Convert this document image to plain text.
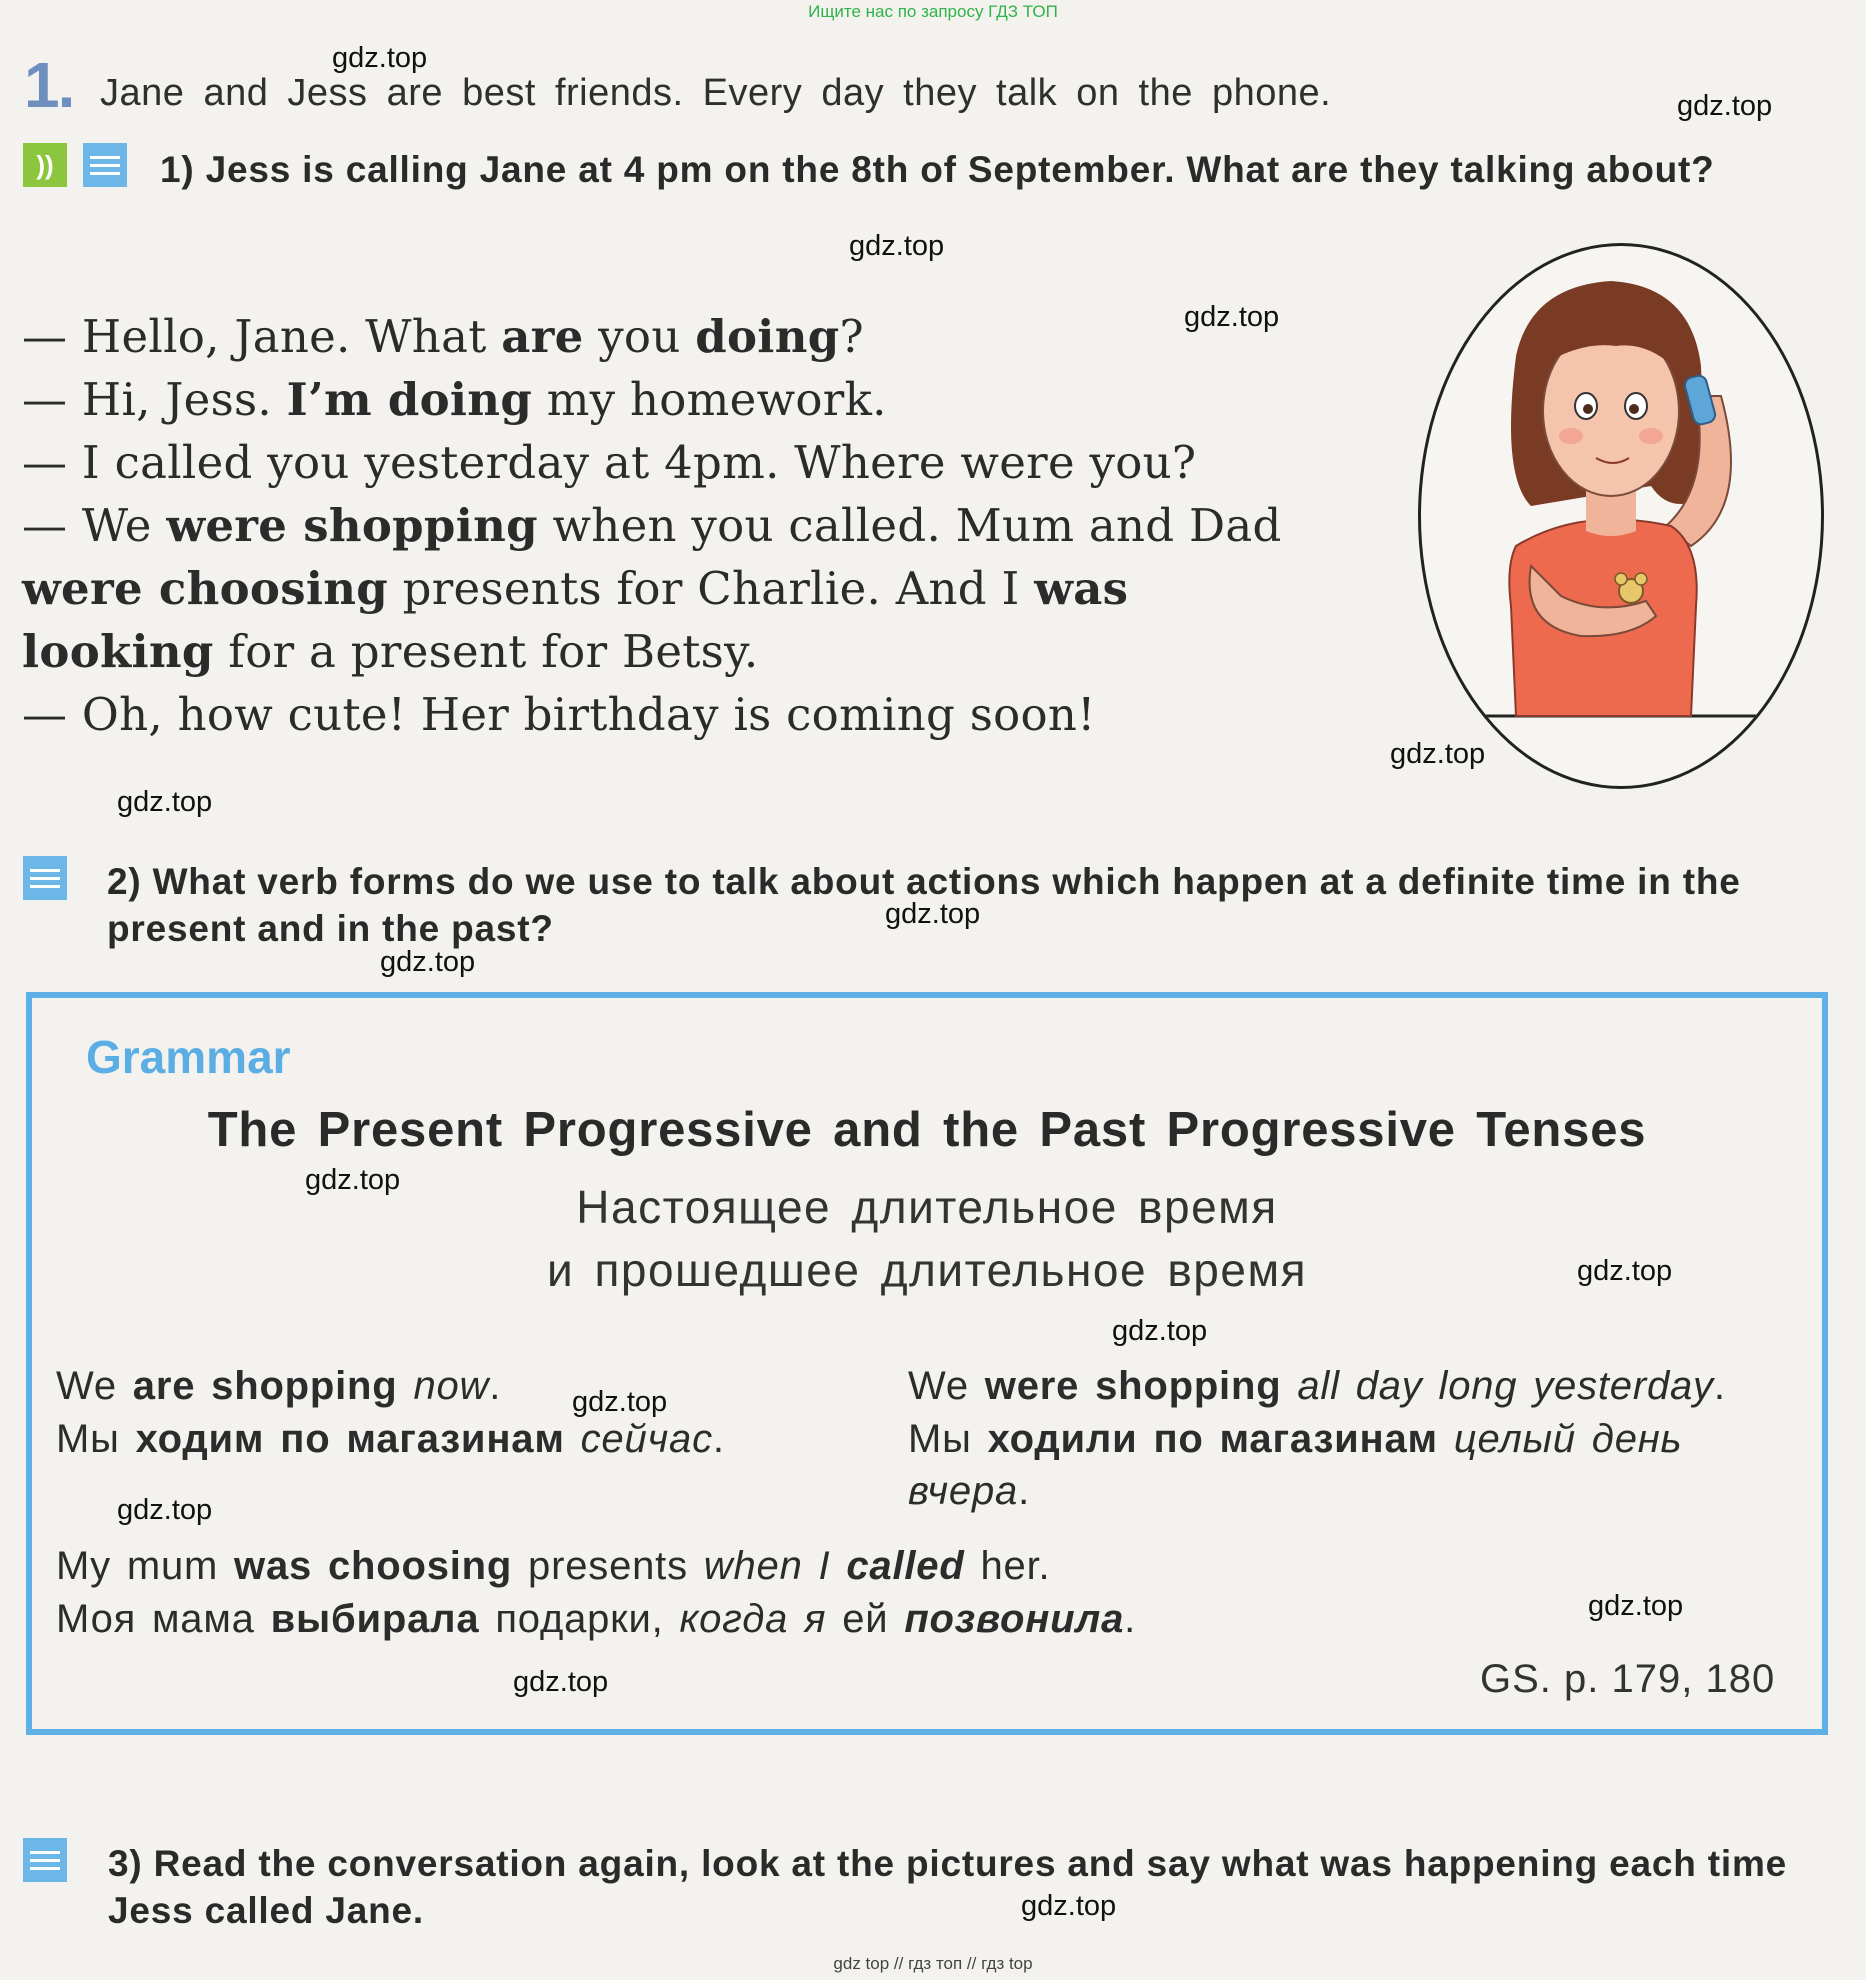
Ищите нас по запросу ГДЗ ТОП
1. Jane and Jess are best friends. Every day they talk on the phone.
))	1) Jess is calling Jane at 4 pm on the 8th of September. What are they talking about?

— Hello, Jane. What are you doing?

— Hi, Jess. I’m doing my homework.

— I called you yesterday at 4pm. Where were you?

— We were shopping when you called. Mum and Dad were choosing presents for Charlie. And I was looking for a present for Betsy.

— Oh, how cute! Her birthday is coming soon!

2) What verb forms do we use to talk about actions which happen at a definite time in the present and in the past?
Grammar
The Present Progressive and the Past Progressive Tenses
Настоящее длительное время
и прошедшее длительное время
We are shopping now.
Мы ходим по магазинам сейчас.
We were shopping all day long yesterday.
Мы ходили по магазинам целый день вчера.
My mum was choosing presents when I called her.
Моя мама выбирала подарки, когда я ей позвонила.
GS. p. 179, 180
3) Read the conversation again, look at the pictures and say what was happening each time Jess called Jane.
gdz.top
gdz.top
gdz.top
gdz.top
gdz.top
gdz.top
gdz.top
gdz.top
gdz.top
gdz.top
gdz.top
gdz.top
gdz.top
gdz.top
gdz.top
gdz.top
gdz top // гдз топ // гдз top
